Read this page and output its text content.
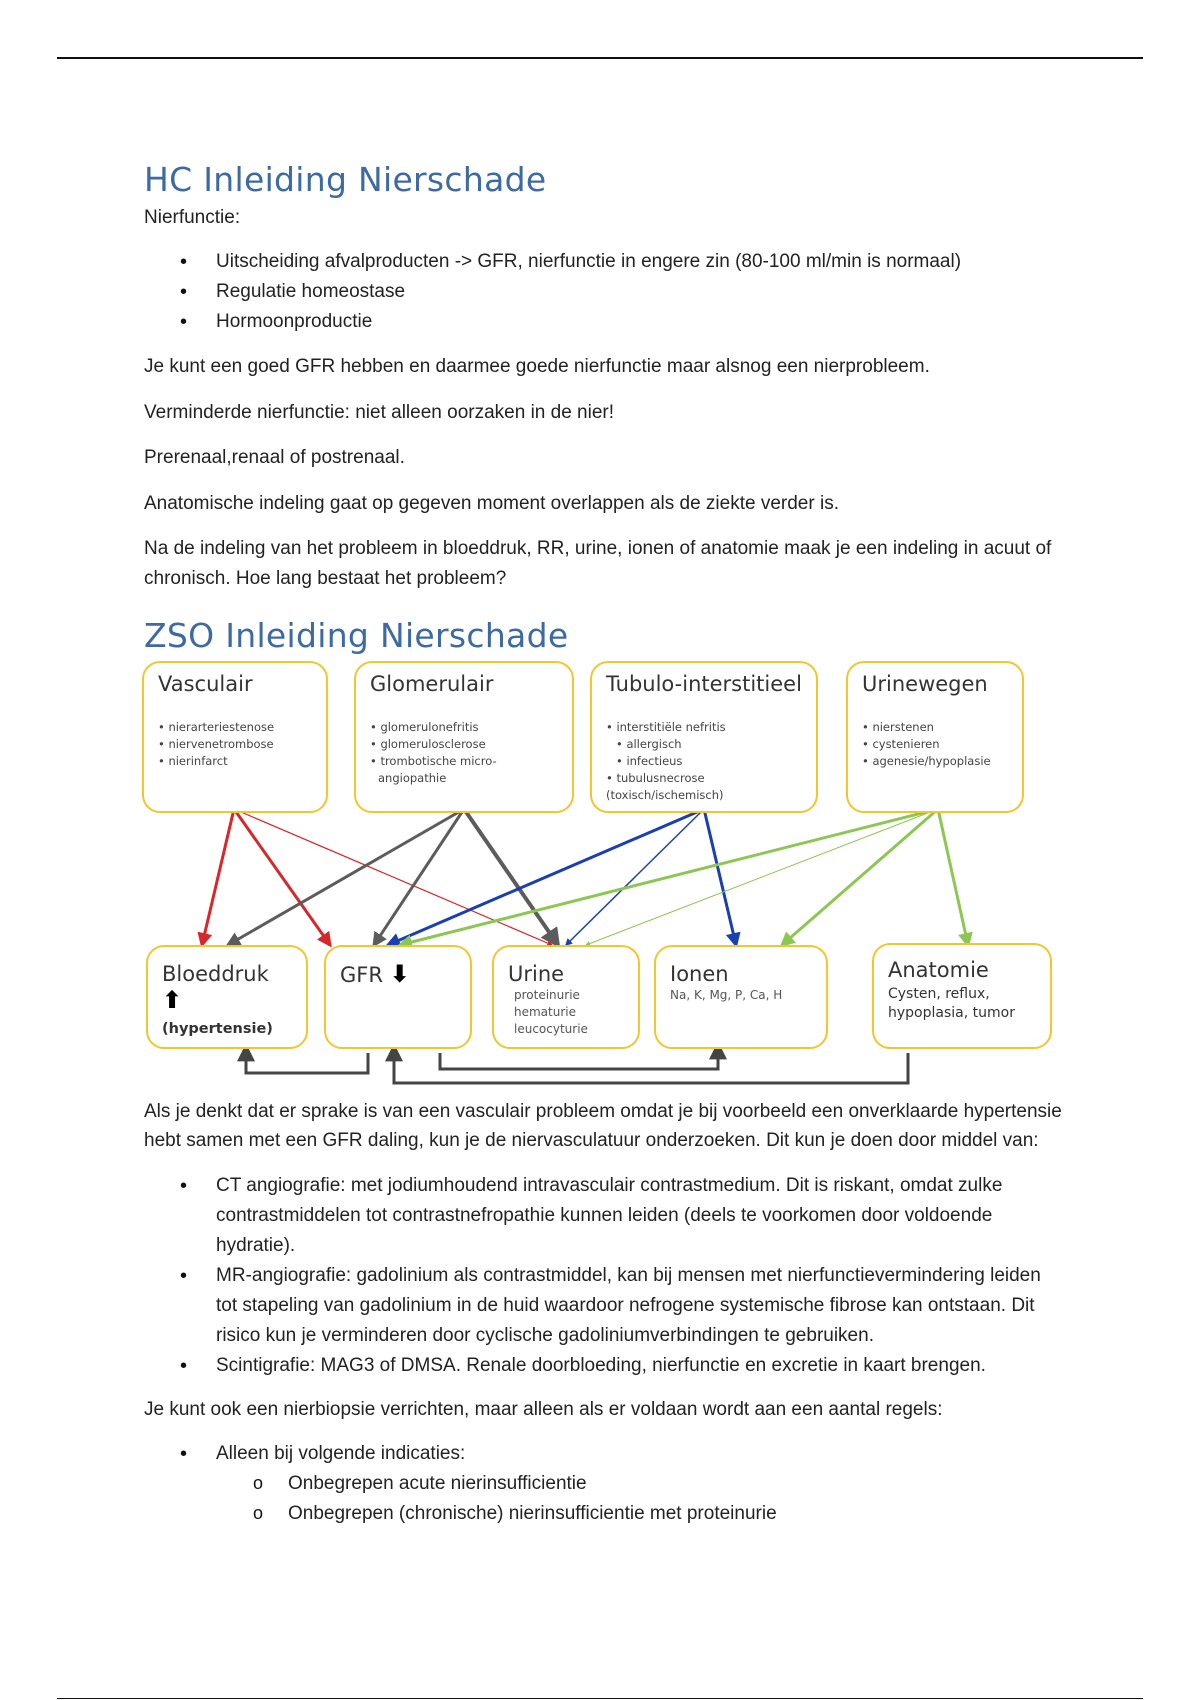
HC Inleiding Nierschade

Nierfunctie:

• Uitscheiding afvalproducten -> GFR, nierfunctie in engere zin (80-100 ml/min is normaal)
• Regulatie homeostase
• Hormoonproductie

Je kunt een goed GFR hebben en daarmee goede nierfunctie maar alsnog een nierprobleem.

Verminderde nierfunctie: niet alleen oorzaken in de nier!

Prerenaal,renaal of postrenaal.

Anatomische indeling gaat op gegeven moment overlappen als de ziekte verder is.

Na de indeling van het probleem in bloeddruk, RR, urine, ionen of anatomie maak je een indeling in acuut of chronisch. Hoe lang bestaat het probleem?

ZSO Inleiding Nierschade
Vasculair
• nierarteriestenose
• niervenetrombose
• nierinfarct
Glomerulair
• glomerulonefritis
• glomerulosclerose
• trombotische micro-
angiopathie
Tubulo-interstitieel
• interstitiële nefritis
• allergisch
• infectieus
• tubulusnecrose
(toxisch/ischemisch)
Urinewegen
• nierstenen
• cystenieren
• agenesie/hypoplasie
Bloeddruk ⬆
(hypertensie)
GFR ⬇	Urine
proteinurie
hematurie
leucocyturie
Ionen
Na, K, Mg, P, Ca, H
Anatomie
Cysten, reflux,
hypoplasia, tumor

Als je denkt dat er sprake is van een vasculair probleem omdat je bij voorbeeld een onverklaarde hypertensie hebt samen met een GFR daling, kun je de niervasculatuur onderzoeken. Dit kun je doen door middel van:

• CT angiografie: met jodiumhoudend intravasculair contrastmedium. Dit is riskant, omdat zulke contrastmiddelen tot contrastnefropathie kunnen leiden (deels te voorkomen door voldoende hydratie).
• MR-angiografie: gadolinium als contrastmiddel, kan bij mensen met nierfunctievermindering leiden tot stapeling van gadolinium in de huid waardoor nefrogene systemische fibrose kan ontstaan. Dit risico kun je verminderen door cyclische gadoliniumverbindingen te gebruiken.
• Scintigrafie: MAG3 of DMSA. Renale doorbloeding, nierfunctie en excretie in kaart brengen.

Je kunt ook een nierbiopsie verrichten, maar alleen als er voldaan wordt aan een aantal regels:

• Alleen bij volgende indicaties:
o Onbegrepen acute nierinsufficientie
o Onbegrepen (chronische) nierinsufficientie met proteinurie
